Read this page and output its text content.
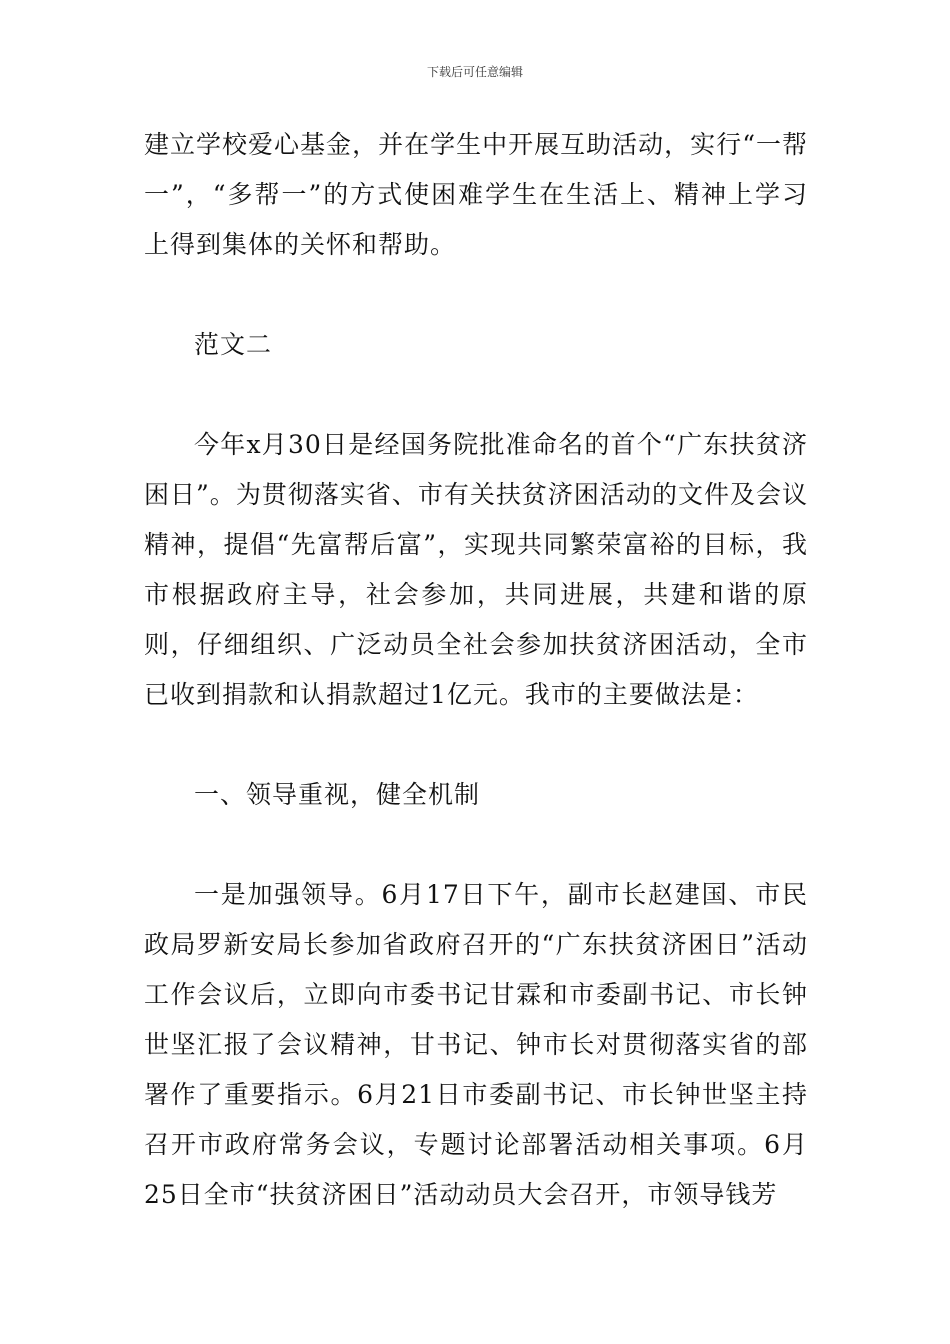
下载后可任意编辑

建立学校爱心基金，并在学生中开展互助活动，实行“一帮一”，“多帮一”的方式使困难学生在生活上、精神上学习上得到集体的关怀和帮助。

范文二

今年x月30日是经国务院批准命名的首个“广东扶贫济困日”。为贯彻落实省、市有关扶贫济困活动的文件及会议精神，提倡“先富帮后富”，实现共同繁荣富裕的目标，我市根据政府主导，社会参加，共同进展，共建和谐的原则，仔细组织、广泛动员全社会参加扶贫济困活动，全市已收到捐款和认捐款超过1亿元。我市的主要做法是：

一、领导重视，健全机制

一是加强领导。6月17日下午，副市长赵建国、市民政局罗新安局长参加省政府召开的“广东扶贫济困日”活动工作会议后，立即向市委书记甘霖和市委副书记、市长钟世坚汇报了会议精神，甘书记、钟市长对贯彻落实省的部署作了重要指示。6月21日市委副书记、市长钟世坚主持召开市政府常务会议，专题讨论部署活动相关事项。6月25日全市“扶贫济困日”活动动员大会召开，市领导钱芳
